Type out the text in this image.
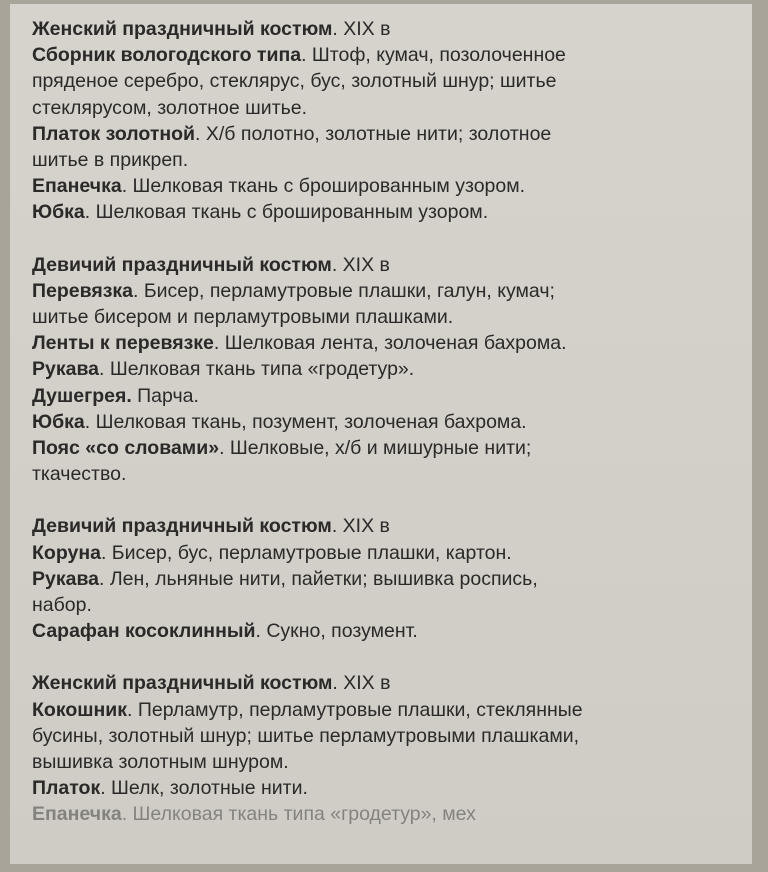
Женский праздничный костюм. XIX в
Сборник вологодского типа. Штоф, кумач, позолоченное
пряденое серебро, стеклярус, бус, золотный шнур; шитье
стеклярусом, золотное шитье.
Платок золотной. Х/б полотно, золотные нити; золотное
шитье в прикреп.
Епанечка. Шелковая ткань с брошированным узором.
Юбка. Шелковая ткань с брошированным узором.
Девичий праздничный костюм. XIX в
Перевязка. Бисер, перламутровые плашки, галун, кумач;
шитье бисером и перламутровыми плашками.
Ленты к перевязке. Шелковая лента, золоченая бахрома.
Рукава. Шелковая ткань типа «гродетур».
Душегрея. Парча.
Юбка. Шелковая ткань, позумент, золоченая бахрома.
Пояс «со словами». Шелковые, х/б и мишурные нити;
ткачество.
Девичий праздничный костюм. XIX в
Коруна. Бисер, бус, перламутровые плашки, картон.
Рукава. Лен, льняные нити, пайетки; вышивка роспись,
набор.
Сарафан косоклинный. Сукно, позумент.
Женский праздничный костюм. XIX в
Кокошник. Перламутр, перламутровые плашки, стеклянные
бусины, золотный шнур; шитье перламутровыми плашками,
вышивка золотным шнуром.
Платок. Шелк, золотные нити.
Епанечка. Шелковая ткань типа «гродетур», мех
